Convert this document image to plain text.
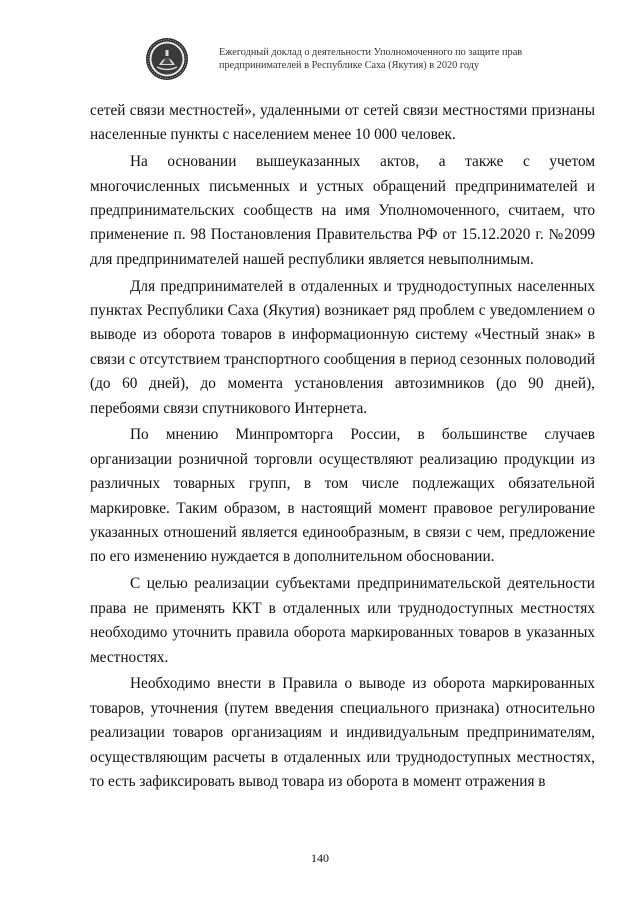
Ежегодный доклад о деятельности Уполномоченного по защите прав
предпринимателей в Республике Саха (Якутия) в 2020 году

сетей связи местностей», удаленными от сетей связи местностями признаны населенные пункты с населением менее 10 000 человек.

На основании вышеуказанных актов, а также с учетом многочисленных письменных и устных обращений предпринимателей и предпринимательских сообществ на имя Уполномоченного, считаем, что применение п. 98 Постановления Правительства РФ от 15.12.2020 г. №2099 для предпринимателей нашей республики является невыполнимым.

Для предпринимателей в отдаленных и труднодоступных населенных пунктах Республики Саха (Якутия) возникает ряд проблем с уведомлением о выводе из оборота товаров в информационную систему «Честный знак» в связи с отсутствием транспортного сообщения в период сезонных половодий (до 60 дней), до момента установления автозимников (до 90 дней), перебоями связи спутникового Интернета.

По мнению Минпромторга России, в большинстве случаев организации розничной торговли осуществляют реализацию продукции из различных товарных групп, в том числе подлежащих обязательной маркировке. Таким образом, в настоящий момент правовое регулирование указанных отношений является единообразным, в связи с чем, предложение по его изменению нуждается в дополнительном обосновании.

С целью реализации субъектами предпринимательской деятельности права не применять ККТ в отдаленных или труднодоступных местностях необходимо уточнить правила оборота маркированных товаров в указанных местностях.

Необходимо внести в Правила о выводе из оборота маркированных товаров, уточнения (путем введения специального признака) относительно реализации товаров организациям и индивидуальным предпринимателям, осуществляющим расчеты в отдаленных или труднодоступных местностях, то есть зафиксировать вывод товара из оборота в момент отражения в

140
